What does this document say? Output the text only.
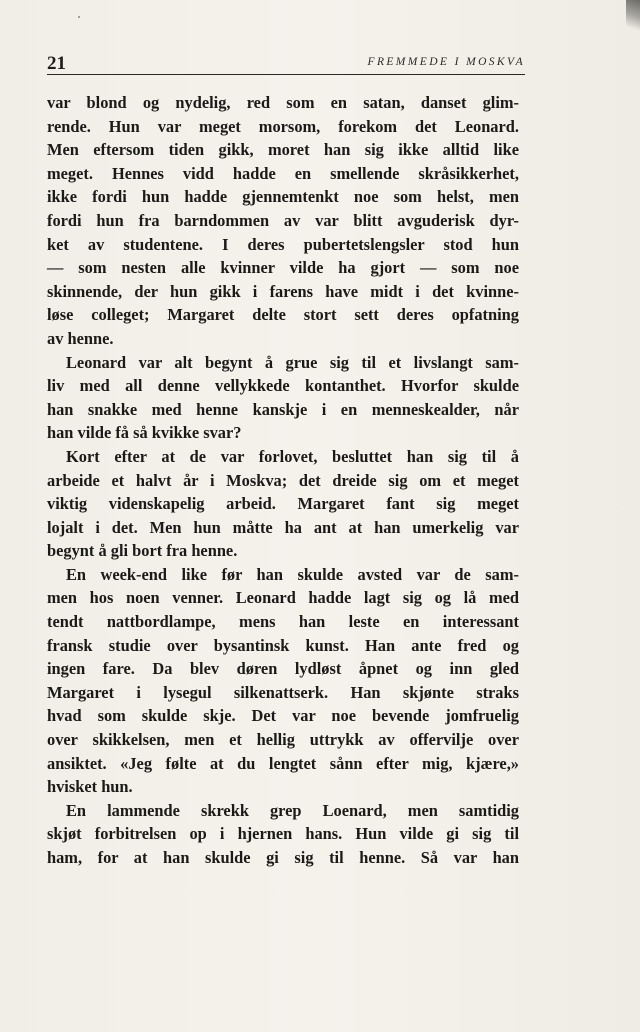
21	FREMMEDE I MOSKVA
var blond og nydelig, red som en satan, danset glim-
rende. Hun var meget morsom, forekom det Leonard.
Men eftersom tiden gikk, moret han sig ikke alltid like
meget. Hennes vidd hadde en smellende skråsikkerhet,
ikke fordi hun hadde gjennemtenkt noe som helst, men
fordi hun fra barndommen av var blitt avguderisk dyr-
ket av studentene. I deres pubertetslengsler stod hun
— som nesten alle kvinner vilde ha gjort — som noe
skinnende, der hun gikk i farens have midt i det kvinne-
løse colleget; Margaret delte stort sett deres opfatning
av henne.
Leonard var alt begynt å grue sig til et livslangt sam-
liv med all denne vellykkede kontanthet. Hvorfor skulde
han snakke med henne kanskje i en menneskealder, når
han vilde få så kvikke svar?
Kort efter at de var forlovet, besluttet han sig til å
arbeide et halvt år i Moskva; det dreide sig om et meget
viktig videnskapelig arbeid. Margaret fant sig meget
lojalt i det. Men hun måtte ha ant at han umerkelig var
begynt å gli bort fra henne.
En week-end like før han skulde avsted var de sam-
men hos noen venner. Leonard hadde lagt sig og lå med
tendt nattbordlampe, mens han leste en interessant
fransk studie over bysantinsk kunst. Han ante fred og
ingen fare. Da blev døren lydløst åpnet og inn gled
Margaret i lysegul silkenattserk. Han skjønte straks
hvad som skulde skje. Det var noe bevende jomfruelig
over skikkelsen, men et hellig uttrykk av offervilje over
ansiktet. «Jeg følte at du lengtet sånn efter mig, kjære,»
hvisket hun.
En lammende skrekk grep Loenard, men samtidig
skjøt forbitrelsen op i hjernen hans. Hun vilde gi sig til
ham, for at han skulde gi sig til henne. Så var han
